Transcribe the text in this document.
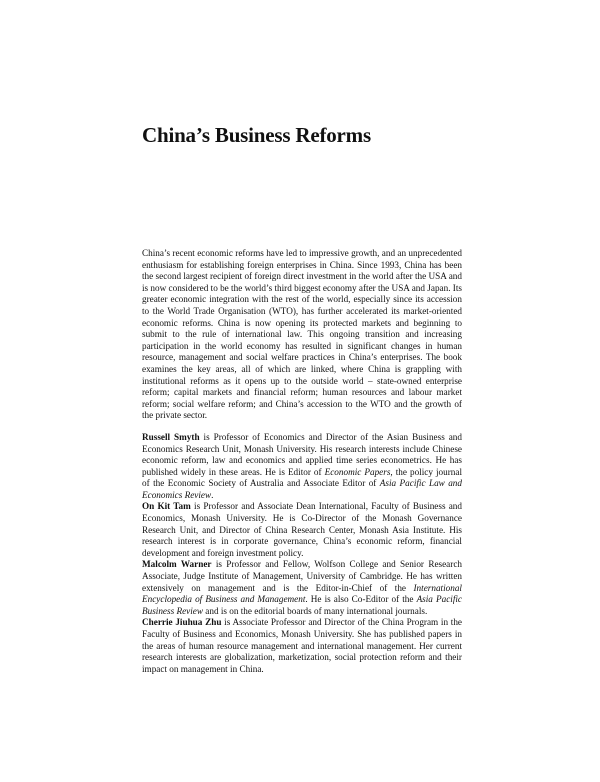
China’s Business Reforms

China’s recent economic reforms have led to impressive growth, and an unprecedented enthusiasm for establishing foreign enterprises in China. Since 1993, China has been the second largest recipient of foreign direct investment in the world after the USA and is now considered to be the world’s third biggest economy after the USA and Japan. Its greater economic integration with the rest of the world, especially since its accession to the World Trade Organisation (WTO), has further accelerated its market-oriented economic reforms. China is now opening its protected markets and beginning to submit to the rule of international law. This ongoing transition and increasing participation in the world economy has resulted in significant changes in human resource, management and social welfare practices in China’s enterprises. The book examines the key areas, all of which are linked, where China is grappling with institutional reforms as it opens up to the outside world – state-owned enterprise reform; capital markets and financial reform; human resources and labour market reform; social welfare reform; and China’s accession to the WTO and the growth of the private sector.

Russell Smyth is Professor of Economics and Director of the Asian Business and Economics Research Unit, Monash University. His research interests include Chinese economic reform, law and economics and applied time series econometrics. He has published widely in these areas. He is Editor of Economic Papers, the policy journal of the Economic Society of Australia and Associate Editor of Asia Pacific Law and Economics Review.

On Kit Tam is Professor and Associate Dean International, Faculty of Business and Economics, Monash University. He is Co-Director of the Monash Governance Research Unit, and Director of China Research Center, Monash Asia Institute. His research interest is in corporate governance, China’s economic reform, financial development and foreign investment policy.

Malcolm Warner is Professor and Fellow, Wolfson College and Senior Research Associate, Judge Institute of Management, University of Cambridge. He has written extensively on management and is the Editor-in-Chief of the International Encyclopedia of Business and Management. He is also Co-Editor of the Asia Pacific Business Review and is on the editorial boards of many international journals.

Cherrie Jiuhua Zhu is Associate Professor and Director of the China Program in the Faculty of Business and Economics, Monash University. She has published papers in the areas of human resource management and international management. Her current research interests are globalization, marketization, social protection reform and their impact on management in China.
